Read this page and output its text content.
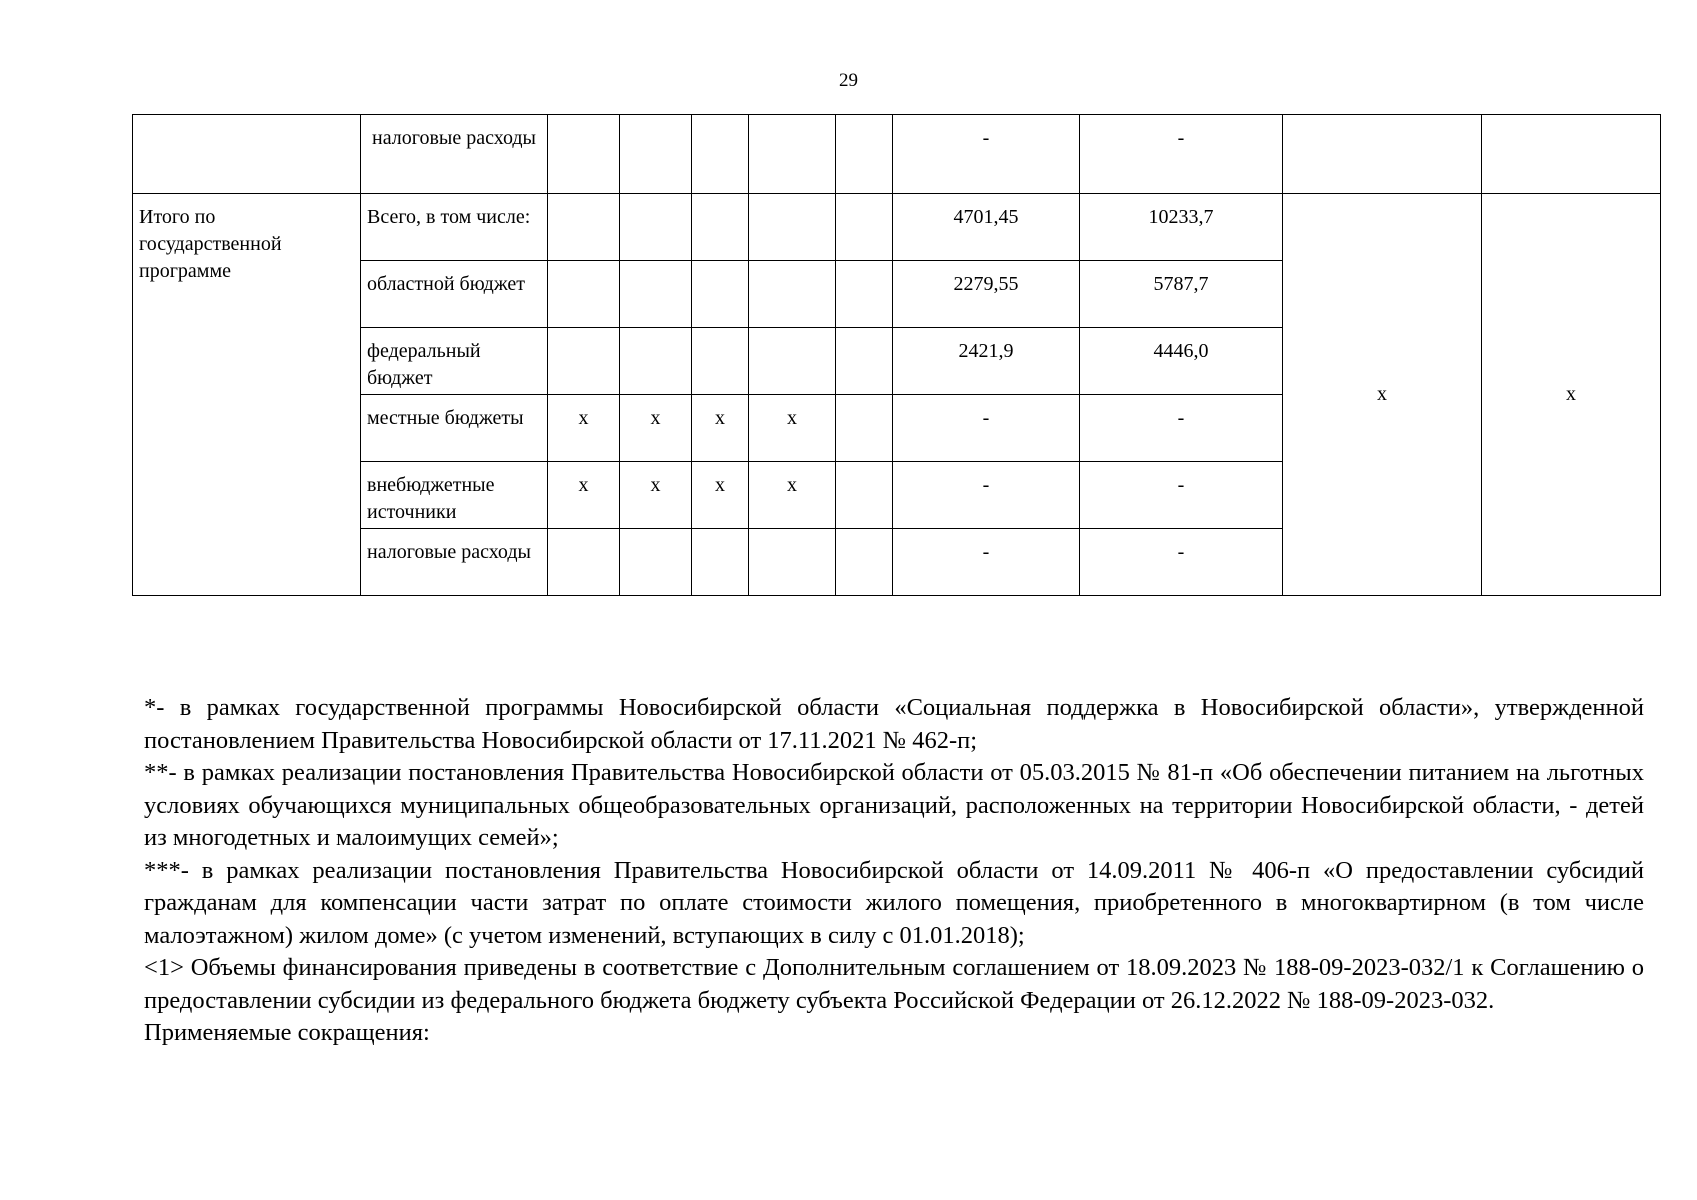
29
	налоговые расходы						-	-		
Итого по государственной программе	Всего, в том числе:						4701,45	10233,7	х	х
	областной бюджет						2279,55	5787,7		
	федеральный бюджет						2421,9	4446,0		
	местные бюджеты	х	х	х	х		-	-		
	внебюджетные источники	х	х	х	х		-	-		
	налоговые расходы						-	-		

*- в рамках государственной программы Новосибирской области «Социальная поддержка в Новосибирской области», утвержденной постановлением Правительства Новосибирской области от 17.11.2021 № 462-п;

**- в рамках реализации постановления Правительства Новосибирской области от 05.03.2015 № 81-п «Об обеспечении питанием на льготных условиях обучающихся муниципальных общеобразовательных организаций, расположенных на территории Новосибирской области, - детей из многодетных и малоимущих семей»;

***- в рамках реализации постановления Правительства Новосибирской области от 14.09.2011 № 406-п «О предоставлении субсидий гражданам для компенсации части затрат по оплате стоимости жилого помещения, приобретенного в многоквартирном (в том числе малоэтажном) жилом доме» (с учетом изменений, вступающих в силу с 01.01.2018);

<1> Объемы финансирования приведены в соответствие с Дополнительным соглашением от 18.09.2023 № 188-09-2023-032/1 к Соглашению о предоставлении субсидии из федерального бюджета бюджету субъекта Российской Федерации от 26.12.2022 № 188-09-2023-032.

Применяемые сокращения:
